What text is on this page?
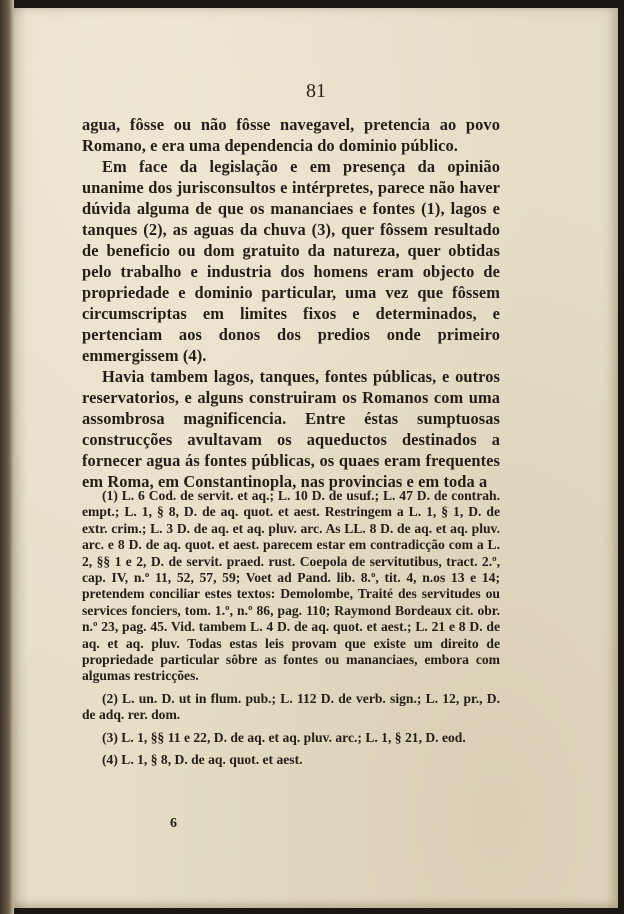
81

agua, fôsse ou não fôsse navegavel, pretencia ao povo Romano, e era uma dependencia do dominio público.

Em face da legislação e em presença da opinião unanime dos jurisconsultos e intérpretes, parece não haver dúvida alguma de que os mananciaes e fontes (1), lagos e tanques (2), as aguas da chuva (3), quer fôssem resultado de beneficio ou dom gratuito da natureza, quer obtidas pelo trabalho e industria dos homens eram objecto de propriedade e dominio particular, uma vez que fôssem circumscriptas em limites fixos e determinados, e pertenciam aos donos dos predios onde primeiro emmergissem (4).

Havia tambem lagos, tanques, fontes públicas, e outros reservatorios, e alguns construiram os Romanos com uma assombrosa magnificencia. Entre éstas sumptuosas construcções avultavam os aqueductos destinados a fornecer agua ás fontes públicas, os quaes eram frequentes em Roma, em Constantinopla, nas provincias e em toda a

(1) L. 6 Cod. de servit. et aq.; L. 10 D. de usuf.; L. 47 D. de contrah. empt.; L. 1, § 8, D. de aq. quot. et aest. Restringem a L. 1, § 1, D. de extr. crim.; L. 3 D. de aq. et aq. pluv. arc. As LL. 8 D. de aq. et aq. pluv. arc. e 8 D. de aq. quot. et aest. parecem estar em contradicção com a L. 2, §§ 1 e 2, D. de servit. praed. rust. Coepola de servitutibus, tract. 2.º, cap. IV, n.º 11, 52, 57, 59; Voet ad Pand. lib. 8.º, tit. 4, n.os 13 e 14; pretendem conciliar estes textos: Demolombe, Traité des servitudes ou services fonciers, tom. 1.º, n.º 86, pag. 110; Raymond Bordeaux cit. obr. n.º 23, pag. 45. Vid. tambem L. 4 D. de aq. quot. et aest.; L. 21 e 8 D. de aq. et aq. pluv. Todas estas leis provam que existe um direito de propriedade particular sôbre as fontes ou mananciaes, embora com algumas restricções.

(2) L. un. D. ut in flum. pub.; L. 112 D. de verb. sign.; L. 12, pr., D. de adq. rer. dom.

(3) L. 1, §§ 11 e 22, D. de aq. et aq. pluv. arc.; L. 1, § 21, D. eod.

(4) L. 1, § 8, D. de aq. quot. et aest.

6
